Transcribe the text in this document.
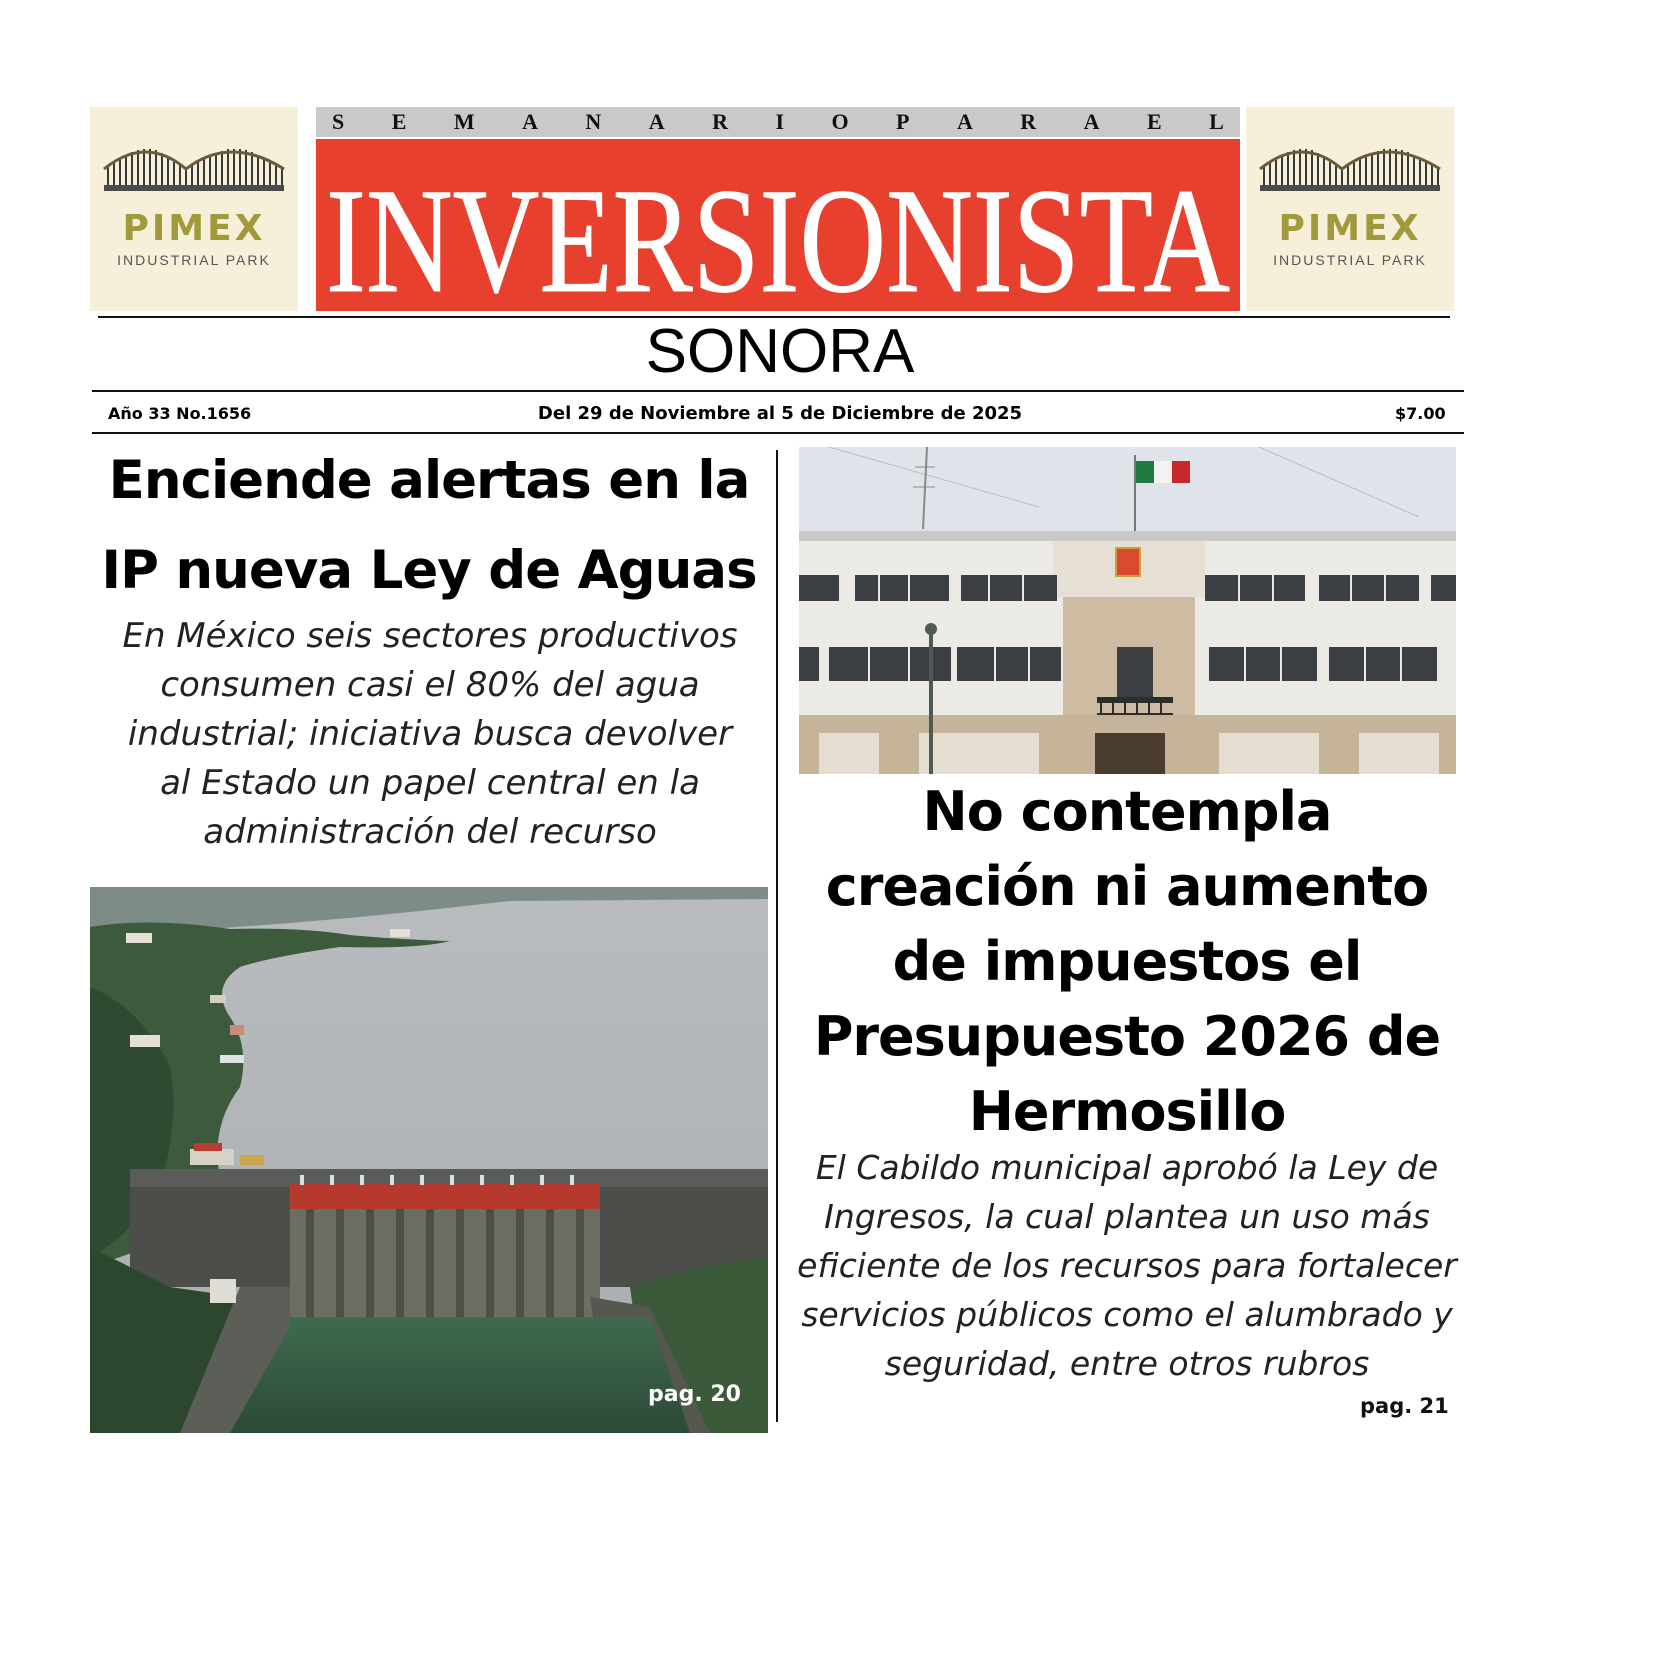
PIMEX
INDUSTRIAL PARK
S E M A N A R I O P A R A E L
INVERSIONISTA	PIMEX
INDUSTRIAL PARK
SONORA
Año 33 No.1656	Del 29 de Noviembre al 5 de Diciembre de 2025	$7.00
Enciende alertas en la
IP nueva Ley de Aguas
En México seis sectores productivos
consumen casi el 80% del agua
industrial; iniciativa busca devolver
al Estado un papel central en la
administración del recurso
pag. 20
No contempla
creación ni aumento
de impuestos el
Presupuesto 2026 de
Hermosillo
El Cabildo municipal aprobó la Ley de
Ingresos, la cual plantea un uso más
eficiente de los recursos para fortalecer
servicios públicos como el alumbrado y
seguridad, entre otros rubros
pag. 21
